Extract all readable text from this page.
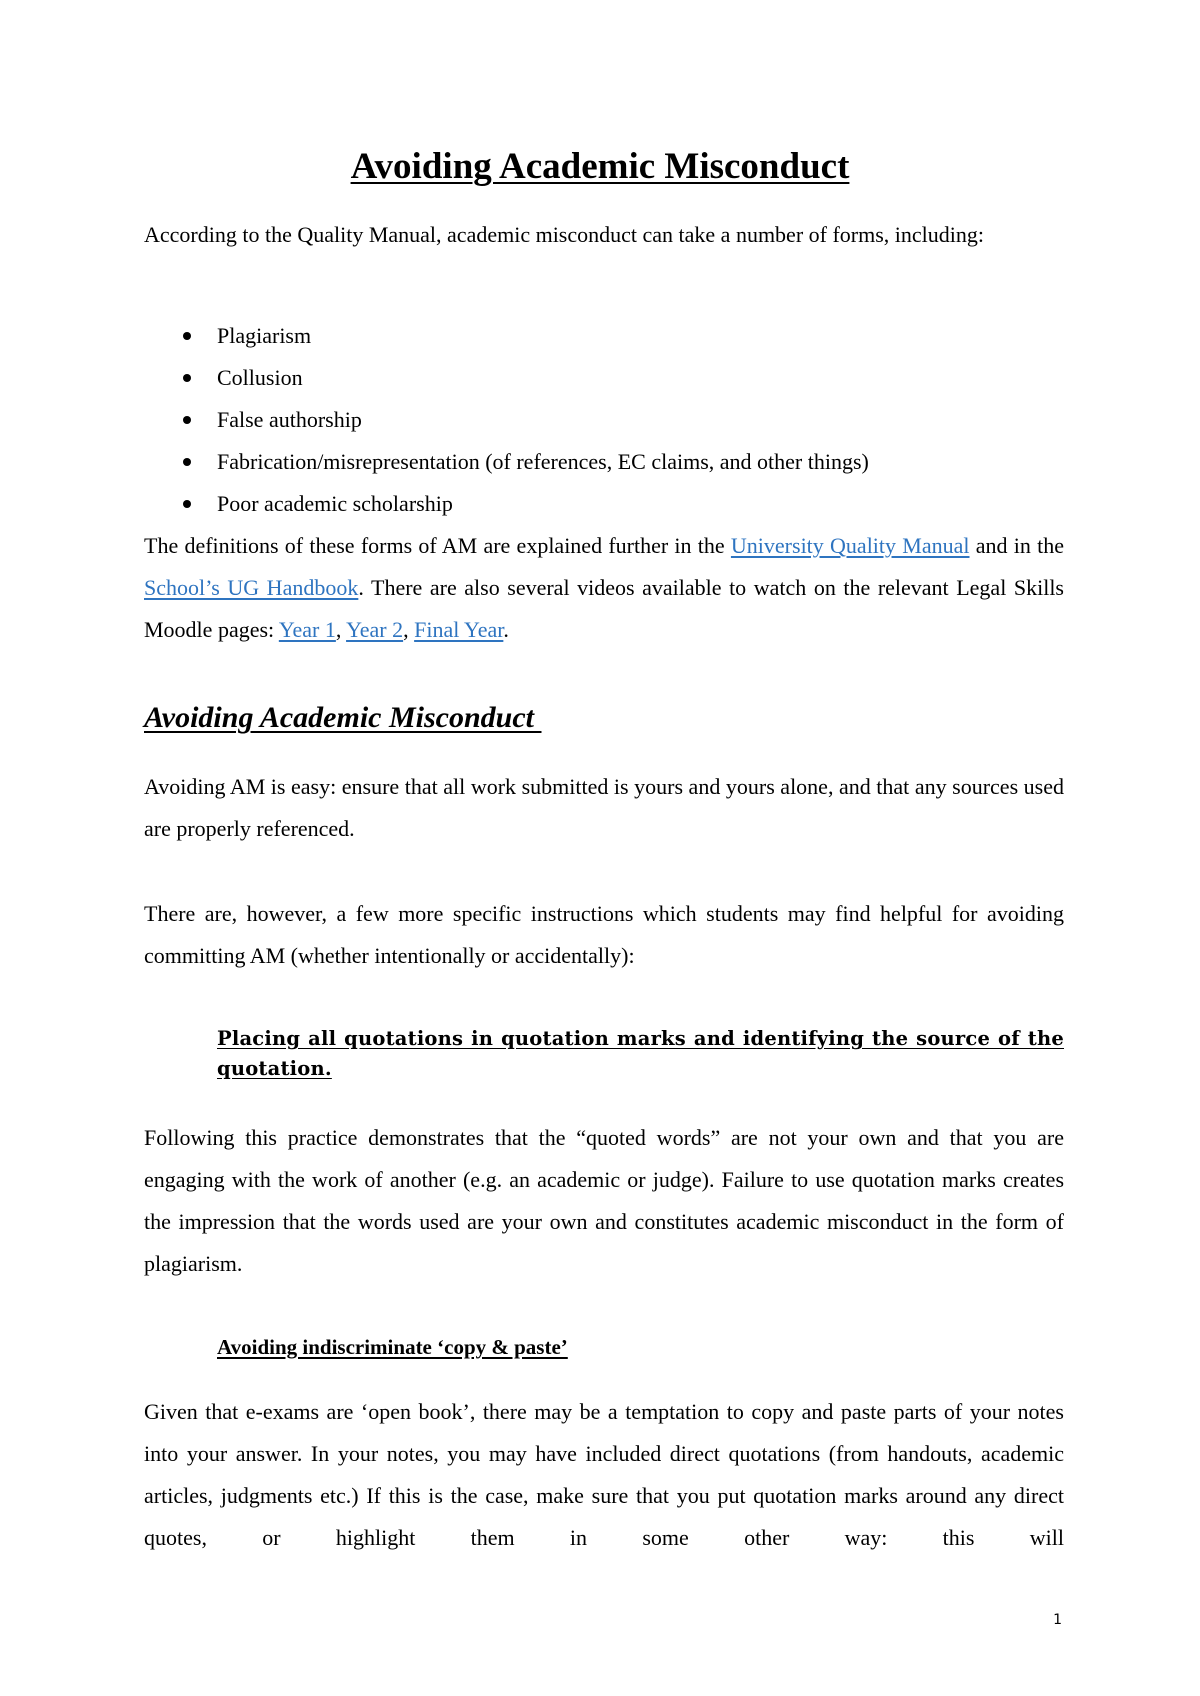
Avoiding Academic Misconduct

According to the Quality Manual, academic misconduct can take a number of forms, including:

Plagiarism
Collusion
False authorship
Fabrication/misrepresentation (of references, EC claims, and other things)
Poor academic scholarship

The definitions of these forms of AM are explained further in the University Quality Manual and in the School’s UG Handbook. There are also several videos available to watch on the relevant Legal Skills Moodle pages: Year 1, Year 2, Final Year.

Avoiding Academic Misconduct

Avoiding AM is easy: ensure that all work submitted is yours and yours alone, and that any sources used are properly referenced.

There are, however, a few more specific instructions which students may find helpful for avoiding committing AM (whether intentionally or accidentally):

Placing all quotations in quotation marks and identifying the source of the quotation.

Following this practice demonstrates that the “quoted words” are not your own and that you are engaging with the work of another (e.g. an academic or judge). Failure to use quotation marks creates the impression that the words used are your own and constitutes academic misconduct in the form of plagiarism.

Avoiding indiscriminate ‘copy & paste’

Given that e-exams are ‘open book’, there may be a temptation to copy and paste parts of your notes into your answer. In your notes, you may have included direct quotations (from handouts, academic articles, judgments etc.) If this is the case, make sure that you put quotation marks around any direct quotes, or highlight them in some other way: this will

1
